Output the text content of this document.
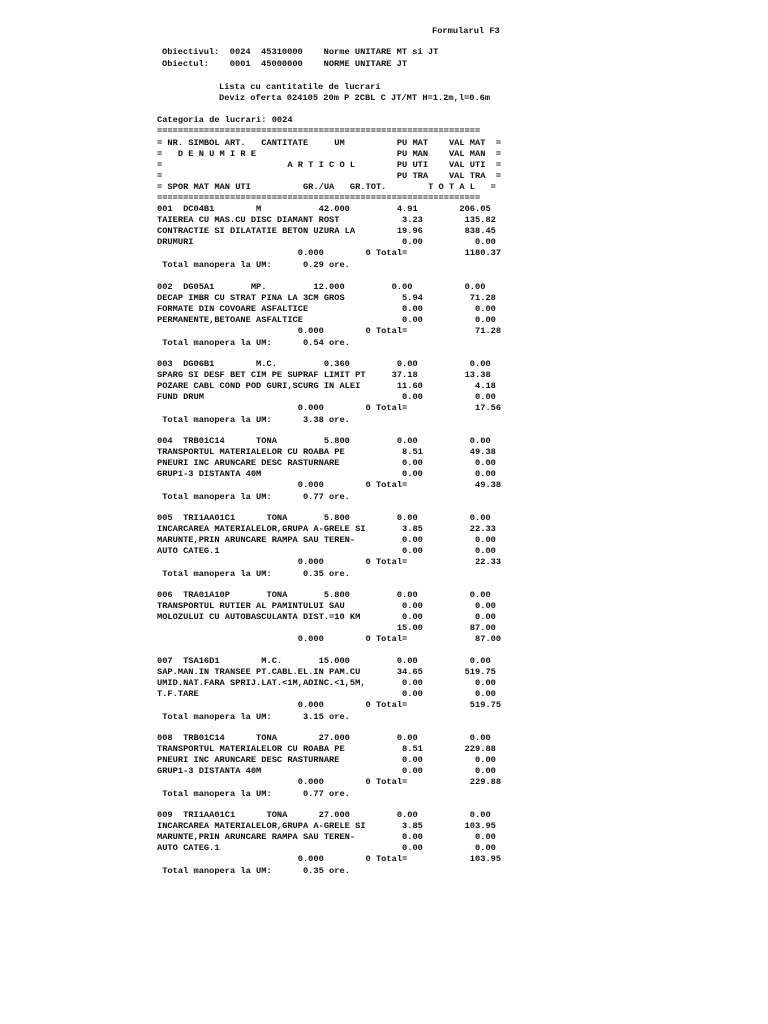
Formularul F3
Obiectivul:  0024  45310000    Norme UNITARE MT si JT
Obiectul:    0001  45000000    NORME UNITARE JT
Lista cu cantitatile de lucrari
Deviz oferta 024105 20m P 2CBL C JT/MT H=1.2m,l=0.6m
Categoria de lucrari: 0024
==============================================================
= NR. SIMBOL ART.   CANTITATE     UM          PU MAT    VAL MAT  =
=   D E N U M I R E                           PU MAN    VAL MAN  =
=                        A R T I C O L        PU UTI    VAL UTI  =
=                                             PU TRA    VAL TRA  =
= SPOR MAT MAN UTI          GR./UA   GR.TOT.        T O T A L   =
==============================================================
001  DC04B1        M           42.000         4.91        206.05
TAIEREA CU MAS.CU DISC DIAMANT ROST            3.23        135.82
CONTRACTIE SI DILATATIE BETON UZURA LA        19.96        838.45
DRUMURI                                        0.00          0.00
0.000        0 Total=           1180.37
Total manopera la UM:      0.29 ore.
002  DG05A1       MP.         12.000         0.00          0.00
DECAP IMBR CU STRAT PINA LA 3CM GROS           5.94         71.28
FORMATE DIN COVOARE ASFALTICE                  0.00          0.00
PERMANENTE,BETOANE ASFALTICE                   0.00          0.00
0.000        0 Total=             71.28
Total manopera la UM:      0.54 ore.
003  DG06B1        M.C.         0.360         0.00          0.00
SPARG SI DESF BET CIM PE SUPRAF LIMIT PT     37.18         13.38
POZARE CABL COND POD GURI,SCURG IN ALEI       11.60          4.18
FUND DRUM                                      0.00          0.00
0.000        0 Total=             17.56
Total manopera la UM:      3.38 ore.
004  TRB01C14      TONA         5.800         0.00          0.00
TRANSPORTUL MATERIALELOR CU ROABA PE           8.51         49.38
PNEURI INC ARUNCARE DESC RASTURNARE            0.00          0.00
GRUP1-3 DISTANTA 40M                           0.00          0.00
0.000        0 Total=             49.38
Total manopera la UM:      0.77 ore.
005  TRI1AA01C1      TONA       5.800         0.00          0.00
INCARCAREA MATERIALELOR,GRUPA A-GRELE SI       3.85         22.33
MARUNTE,PRIN ARUNCARE RAMPA SAU TEREN-         0.00          0.00
AUTO CATEG.1                                   0.00          0.00
0.000        0 Total=             22.33
Total manopera la UM:      0.35 ore.
006  TRA01A10P       TONA       5.800         0.00          0.00
TRANSPORTUL RUTIER AL PAMINTULUI SAU           0.00          0.00
MOLOZULUI CU AUTOBASCULANTA DIST.=10 KM        0.00          0.00
15.00         87.00
0.000        0 Total=             87.00
007  TSA16D1        M.C.       15.000         0.00          0.00
SAP.MAN.IN TRANSEE PT.CABL.EL.IN PAM.CU       34.65        519.75
UMID.NAT.FARA SPRIJ.LAT.<1M,ADINC.<1,5M,       0.00          0.00
T.F.TARE                                       0.00          0.00
0.000        0 Total=            519.75
Total manopera la UM:      3.15 ore.
008  TRB01C14      TONA        27.000         0.00          0.00
TRANSPORTUL MATERIALELOR CU ROABA PE           8.51        229.88
PNEURI INC ARUNCARE DESC RASTURNARE            0.00          0.00
GRUP1-3 DISTANTA 40M                           0.00          0.00
0.000        0 Total=            229.88
Total manopera la UM:      0.77 ore.
009  TRI1AA01C1      TONA      27.000         0.00          0.00
INCARCAREA MATERIALELOR,GRUPA A-GRELE SI       3.85        103.95
MARUNTE,PRIN ARUNCARE RAMPA SAU TEREN-         0.00          0.00
AUTO CATEG.1                                   0.00          0.00
0.000        0 Total=            103.95
Total manopera la UM:      0.35 ore.
